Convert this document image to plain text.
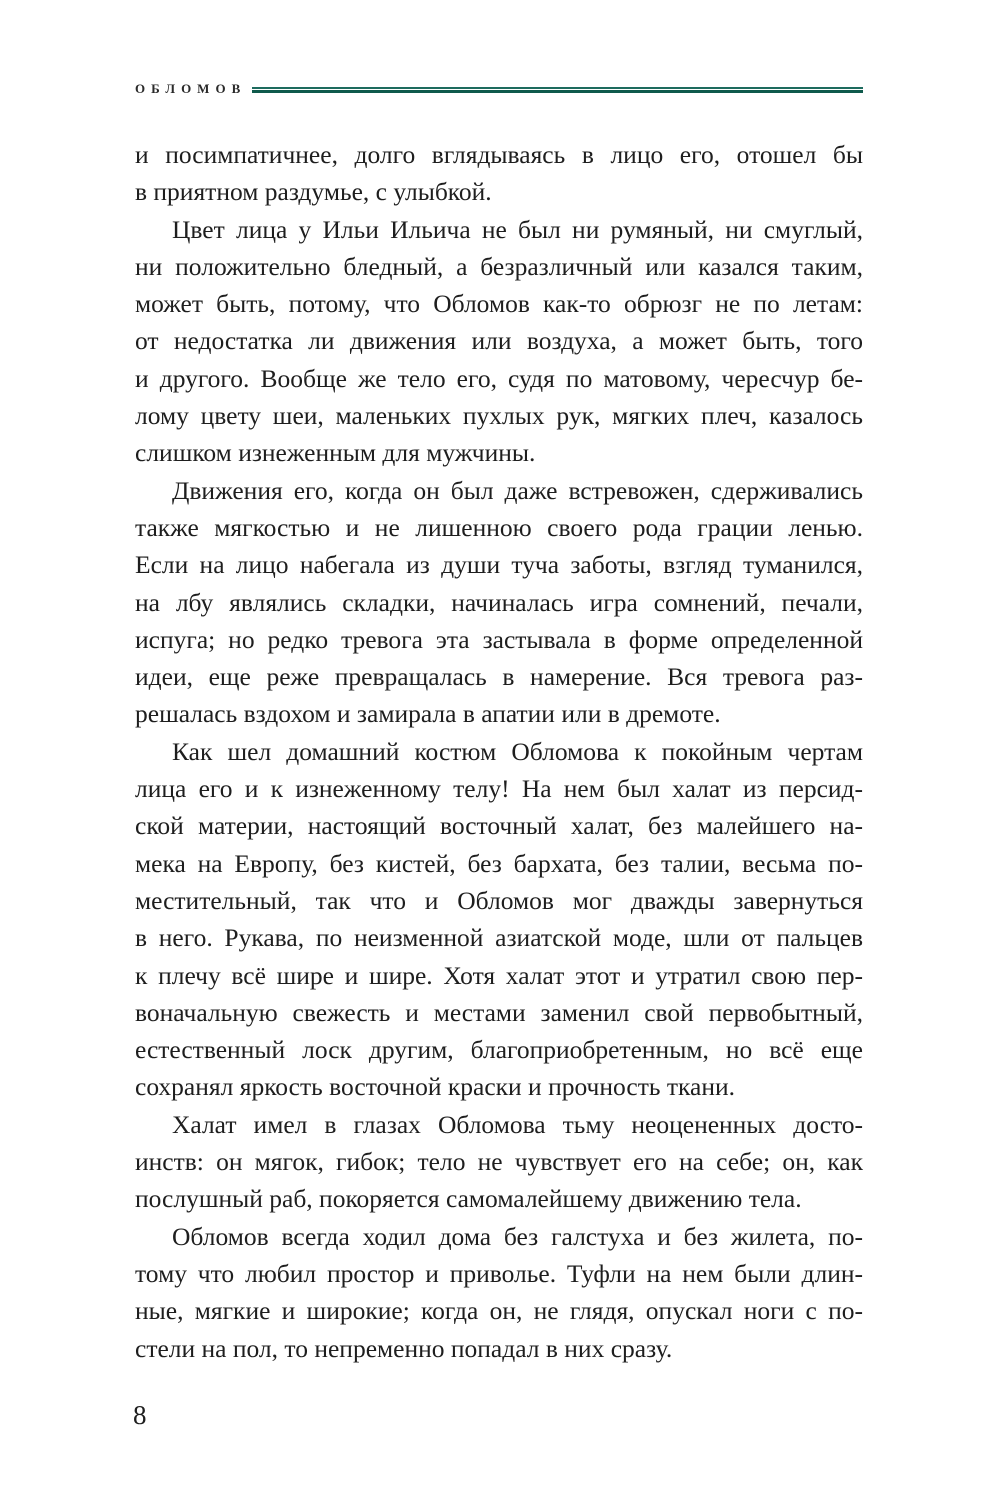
ОБЛОМОВ
и посимпатичнее, долго вглядываясь в лицо его, отошел бы
в приятном раздумье, с улыбкой.
Цвет лица у Ильи Ильича не был ни румяный, ни смуглый,
ни положительно бледный, а безразличный или казался таким,
может быть, потому, что Обломов как-то обрюзг не по летам:
от недостатка ли движения или воздуха, а может быть, того
и другого. Вообще же тело его, судя по матовому, чересчур бе-
лому цвету шеи, маленьких пухлых рук, мягких плеч, казалось
слишком изнеженным для мужчины.
Движения его, когда он был даже встревожен, сдерживались
также мягкостью и не лишенною своего рода грации ленью.
Если на лицо набегала из души туча заботы, взгляд туманился,
на лбу являлись складки, начиналась игра сомнений, печали,
испуга; но редко тревога эта застывала в форме определенной
идеи, еще реже превращалась в намерение. Вся тревога раз-
решалась вздохом и замирала в апатии или в дремоте.
Как шел домашний костюм Обломова к покойным чертам
лица его и к изнеженному телу! На нем был халат из персид-
ской материи, настоящий восточный халат, без малейшего на-
мека на Европу, без кистей, без бархата, без талии, весьма по-
местительный, так что и Обломов мог дважды завернуться
в него. Рукава, по неизменной азиатской моде, шли от пальцев
к плечу всё шире и шире. Хотя халат этот и утратил свою пер-
воначальную свежесть и местами заменил свой первобытный,
естественный лоск другим, благоприобретенным, но всё еще
сохранял яркость восточной краски и прочность ткани.
Халат имел в глазах Обломова тьму неоцененных досто-
инств: он мягок, гибок; тело не чувствует его на себе; он, как
послушный раб, покоряется самомалейшему движению тела.
Обломов всегда ходил дома без галстуха и без жилета, по-
тому что любил простор и приволье. Туфли на нем были длин-
ные, мягкие и широкие; когда он, не глядя, опускал ноги с по-
стели на пол, то непременно попадал в них сразу.
8
